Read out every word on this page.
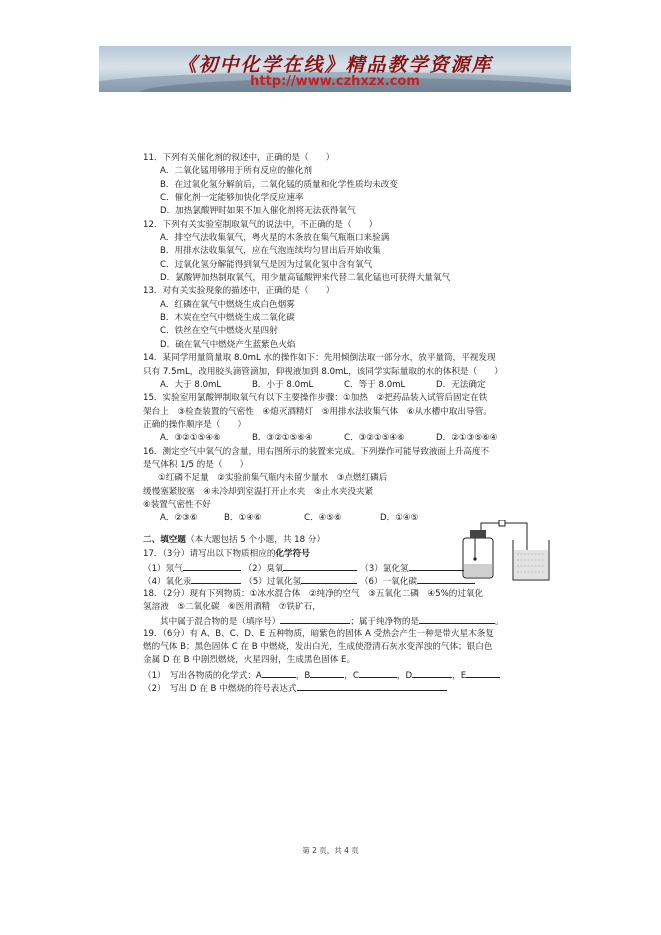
《初中化学在线》精品教学资源库
http://www.czhxzx.com
11．下列有关催化剂的叙述中，正确的是（　　）
A．二氧化锰用够用于所有反应的催化剂
B．在过氧化氢分解前后，二氧化锰的质量和化学性质均未改变
C．催化剂一定能够加快化学反应速率
D．加热氯酸钾时如果不加入催化剂将无法获得氧气
12．下列有关实验室制取氧气的说法中，不正确的是（　　）
A．排空气法收集氧气，粤火星的木条放在集气瓶瓶口来验满
B．用排水法收集氧气，应在气泡连续均匀冒出后开始收集
C．过氧化氢分解能得到氧气是因为过氧化氢中含有氧气
D．氯酸钾加热制取氧气，用少量高锰酸钾来代替二氧化锰也可获得大量氧气
13．对有关实验现象的描述中，正确的是（　　）
A．红磷在氧气中燃烧生成白色烟雾
B．木炭在空气中燃烧生成二氧化碳
C．铁丝在空气中燃烧火星四射
D．硫在氧气中燃烧产生蓝紫色火焰
14．某同学用量筒量取 8.0mL 水的操作如下：先用倾倒法取一部分水，放平量筒，平视发现
只有 7.5mL，改用胶头滴管滴加，仰视液加到 8.0mL，该同学实际量取的水的体积是（　　）
A．大于 8.0mL	B．小于 8.0mL	C．等于 8.0mL	D．无法确定
15．实验室用氯酸钾制取氧气有以下主要操作步骤：①加热　②把药品装入试管后固定在铁
架台上　③检查装置的气密性　④熄灭酒精灯　⑤用排水法收集气体　⑥从水槽中取出导管。
正确的操作顺序是（　　）
A．③②①⑤④⑥	B．③②①⑤⑥④	C．③②①⑤④⑥	D．②①③⑤⑥④
16．测定空气中氧气的含量，用右图所示的装置来完成。下列操作可能导致液面上升高度不
是气体积 1/5 的是（　　）
①红磷不足量　②实验前集气瓶内未留少量水　③点燃红磷后
缓慢塞紧胶塞　④未冷却到室温打开止水夹　⑤止水夹没夹紧
⑥装置气密性不好
A．②③⑥	B．①④⑥	C．④⑤⑥	D．①④⑤
二、填空题（本大题包括 5 个小题，共 18 分）
17．（3分）请写出以下物质相应的化学符号
（1）氖气	（2）臭氧	（3）氯化氢
（4）氧化汞	（5）过氧化氢	（6）一氧化碳
18．（2分）现有下列物质：①冰水混合体　②纯净的空气　③五氧化二磷　④5%的过氧化
氢溶液　⑤二氧化碳　⑥医用酒精　⑦铁矿石，
其中属于混合物的是（填序号）	；属于纯净物的是	。
19．（6分）有 A、B、C、D、E 五种物质，暗紫色的固体 A 受热会产生一种是带火星木条复
燃的气体 B；黑色固体 C 在 B 中燃烧，发出白光，生成使澄清石灰水变浑浊的气体；银白色
金属 D 在 B 中剧烈燃烧，火星四射，生成黑色固体 E。
（1）　写出各物质的化学式：A	，B	，C	，D	，E
（2）　写出 D 在 B 中燃烧的符号表达式
第 2 页，共 4 页
